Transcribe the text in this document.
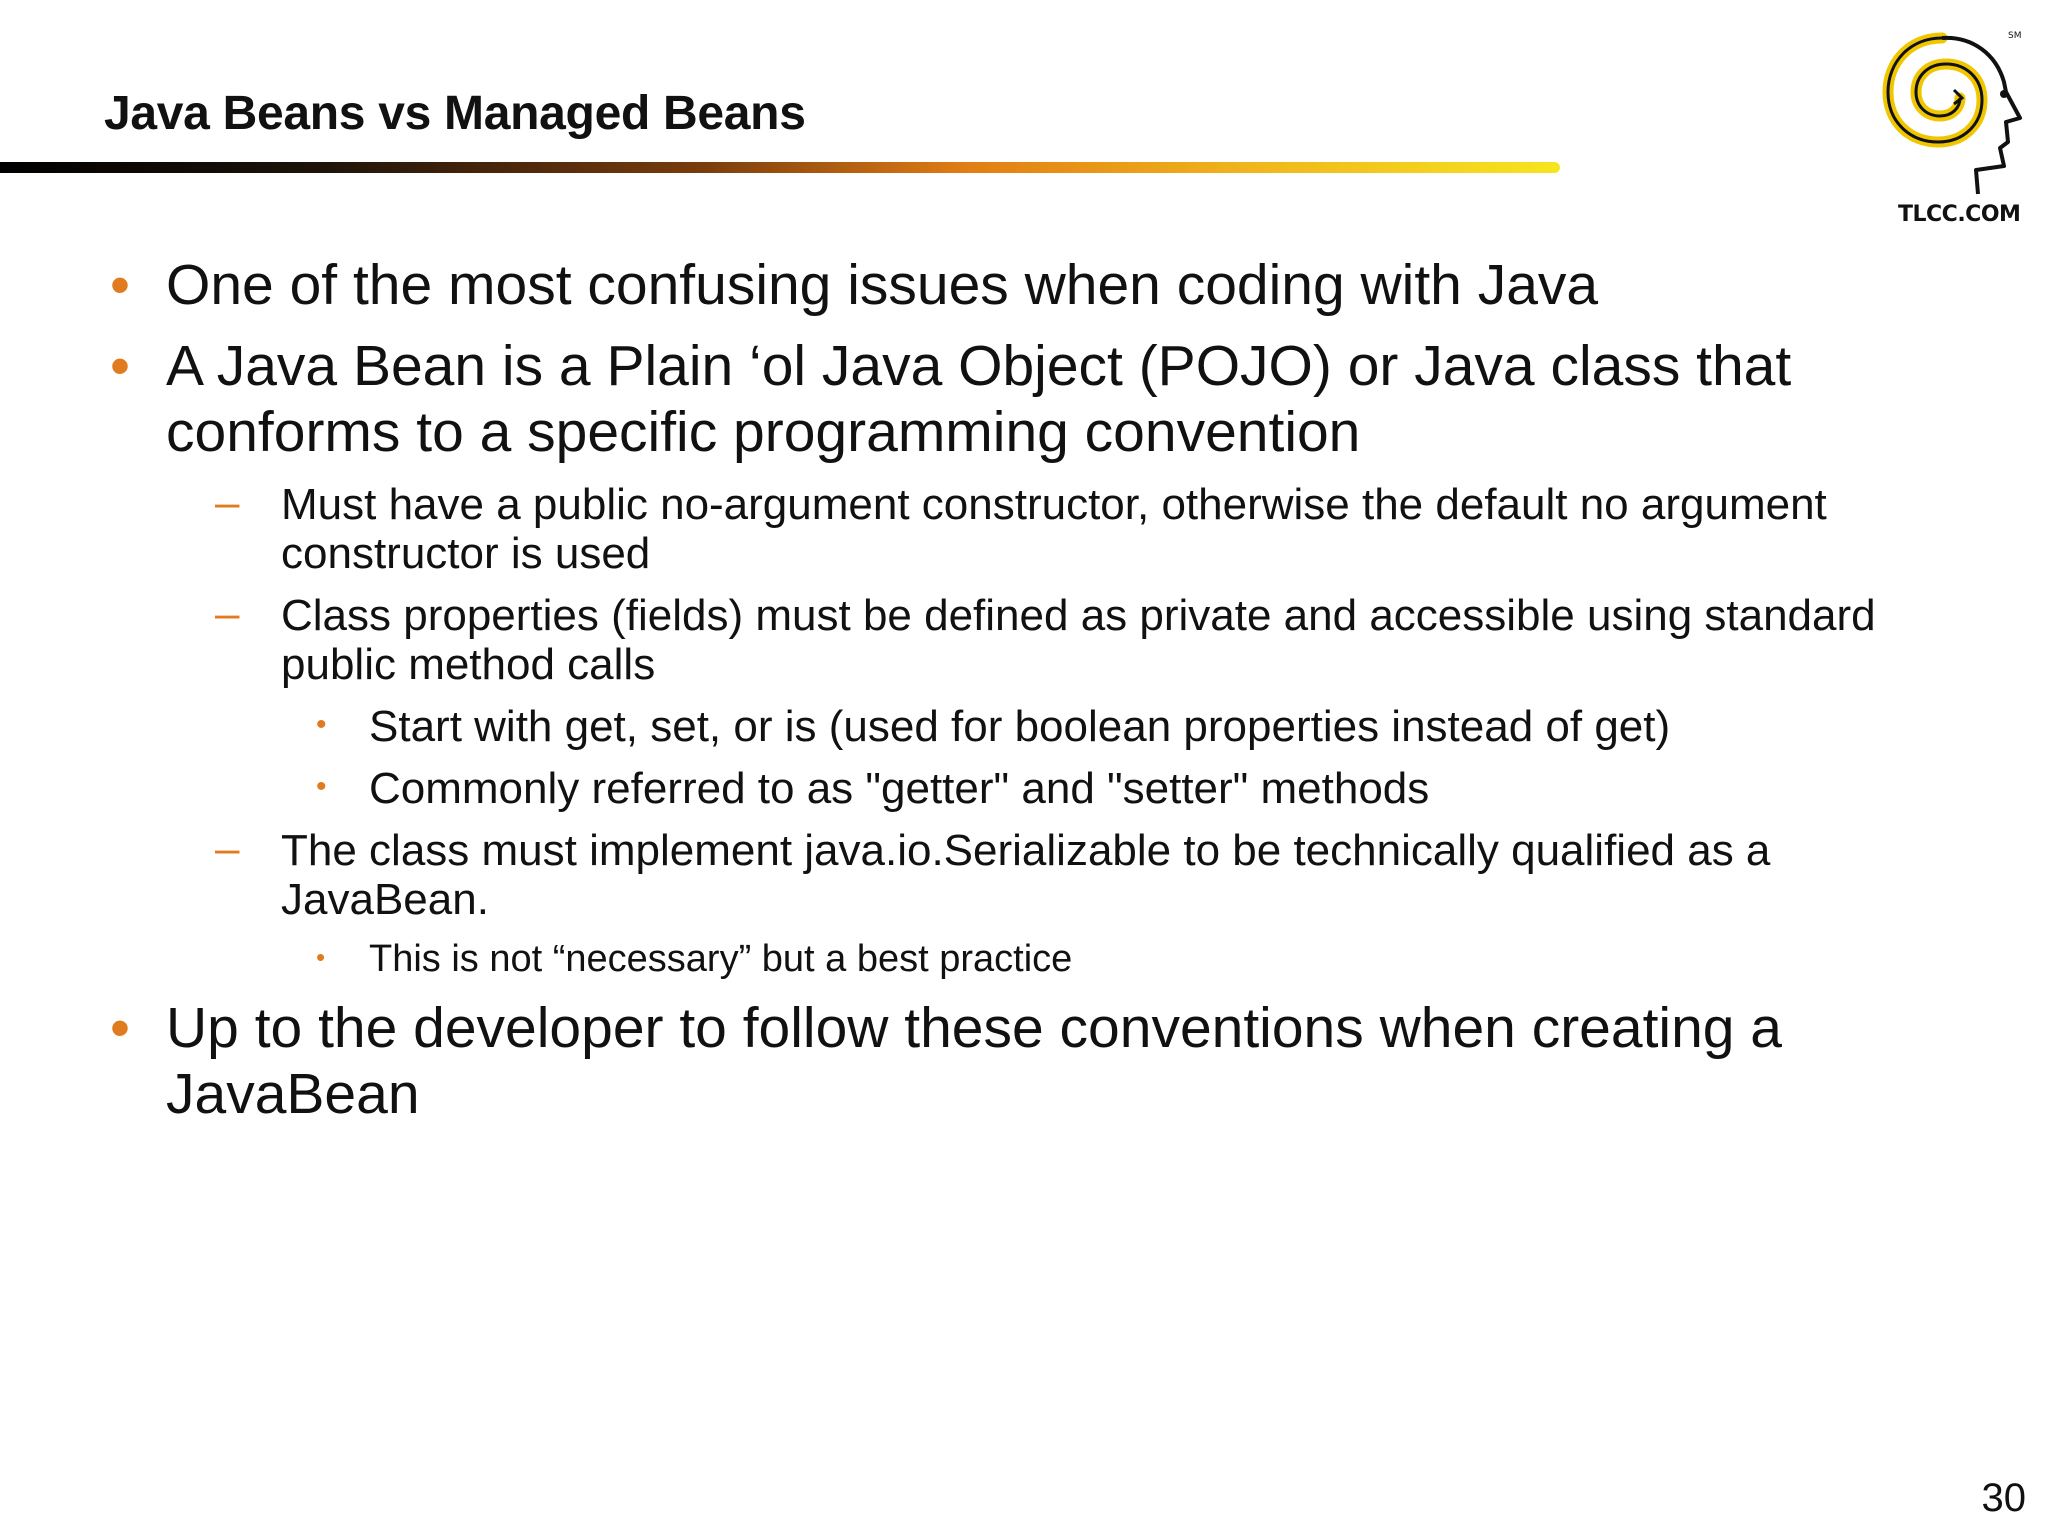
Java Beans vs Managed Beans
SM
TLCC.COM
• One of the most confusing issues when coding with Java
• A Java Bean is a Plain ‘ol Java Object (POJO) or Java class that conforms to a specific programming convention
– Must have a public no-argument constructor, otherwise the default no argument constructor is used
– Class properties (fields) must be defined as private and accessible using standard public method calls
• Start with get, set, or is (used for boolean properties instead of get)
• Commonly referred to as "getter" and "setter" methods
– The class must implement java.io.Serializable to be technically qualified as a JavaBean.
• This is not “necessary” but a best practice
• Up to the developer to follow these conventions when creating a JavaBean
30
